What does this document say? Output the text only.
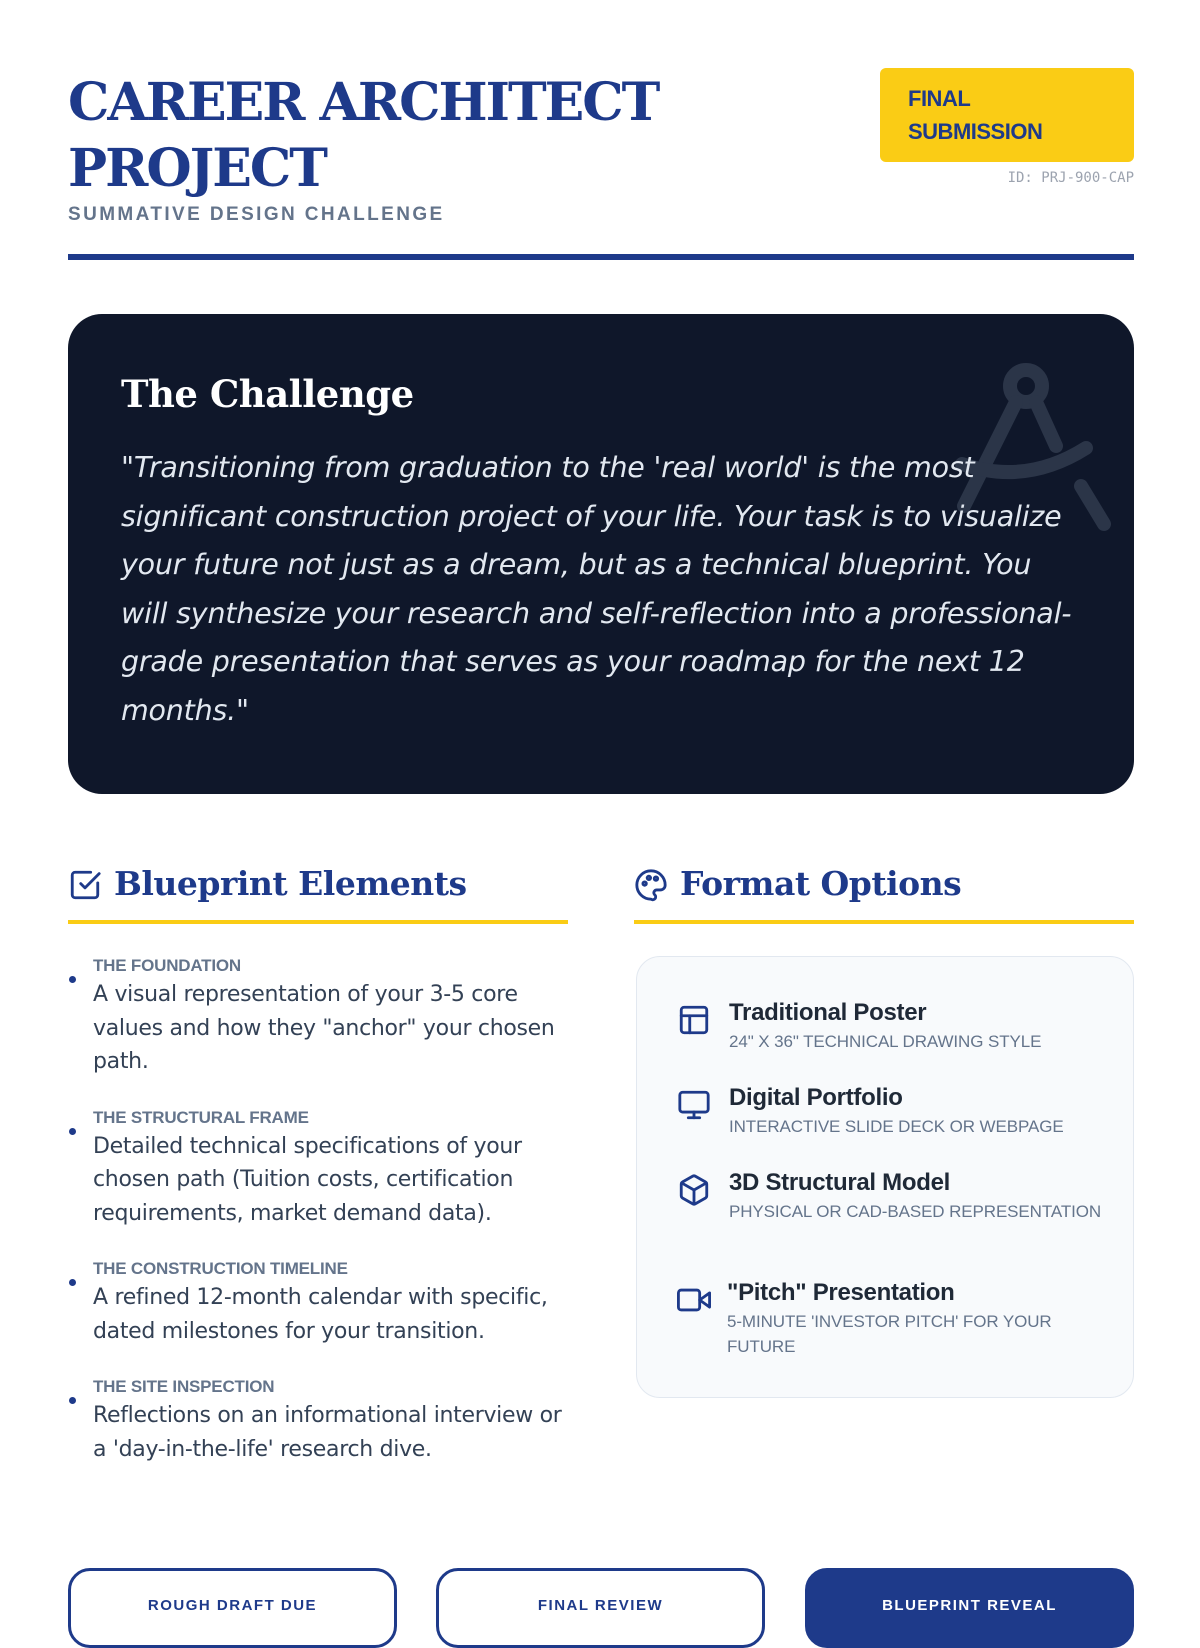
CAREER ARCHITECT PROJECT
SUMMATIVE DESIGN CHALLENGE
FINAL SUBMISSION
ID: PRJ-900-CAP
The Challenge

"Transitioning from graduation to the 'real world' is the most significant construction project of your life. Your task is to visualize your future not just as a dream, but as a technical blueprint. You will synthesize your research and self-reflection into a professional-grade presentation that serves as your roadmap for the next 12 months."

Blueprint Elements	Format Options
THE FOUNDATION
A visual representation of your 3-5 core values and how they "anchor" your chosen path.
THE STRUCTURAL FRAME
Detailed technical specifications of your chosen path (Tuition costs, certification requirements, market demand data).
THE CONSTRUCTION TIMELINE
A refined 12-month calendar with specific, dated milestones for your transition.
THE SITE INSPECTION
Reflections on an informational interview or a 'day-in-the-life' research dive.
Traditional Poster
24" X 36" TECHNICAL DRAWING STYLE
Digital Portfolio
INTERACTIVE SLIDE DECK OR WEBPAGE
3D Structural Model
PHYSICAL OR CAD-BASED REPRESENTATION
"Pitch" Presentation
5-MINUTE 'INVESTOR PITCH' FOR YOUR FUTURE
ROUGH DRAFT DUE	FINAL REVIEW	BLUEPRINT REVEAL
